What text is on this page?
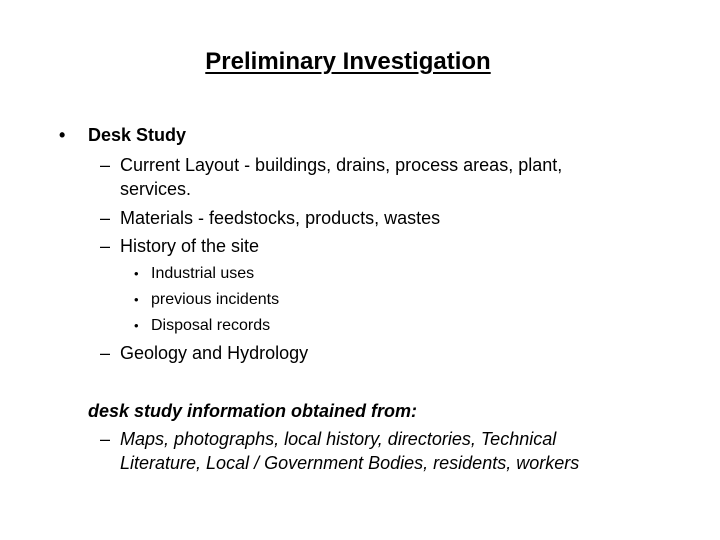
Preliminary Investigation
• Desk Study
– Current Layout - buildings, drains, process areas, plant,
services.
– Materials - feedstocks, products, wastes
– History of the site
• Industrial uses
• previous incidents
• Disposal records
– Geology and Hydrology
desk study information obtained from:
– Maps, photographs, local history, directories, Technical
Literature, Local / Government Bodies, residents, workers
